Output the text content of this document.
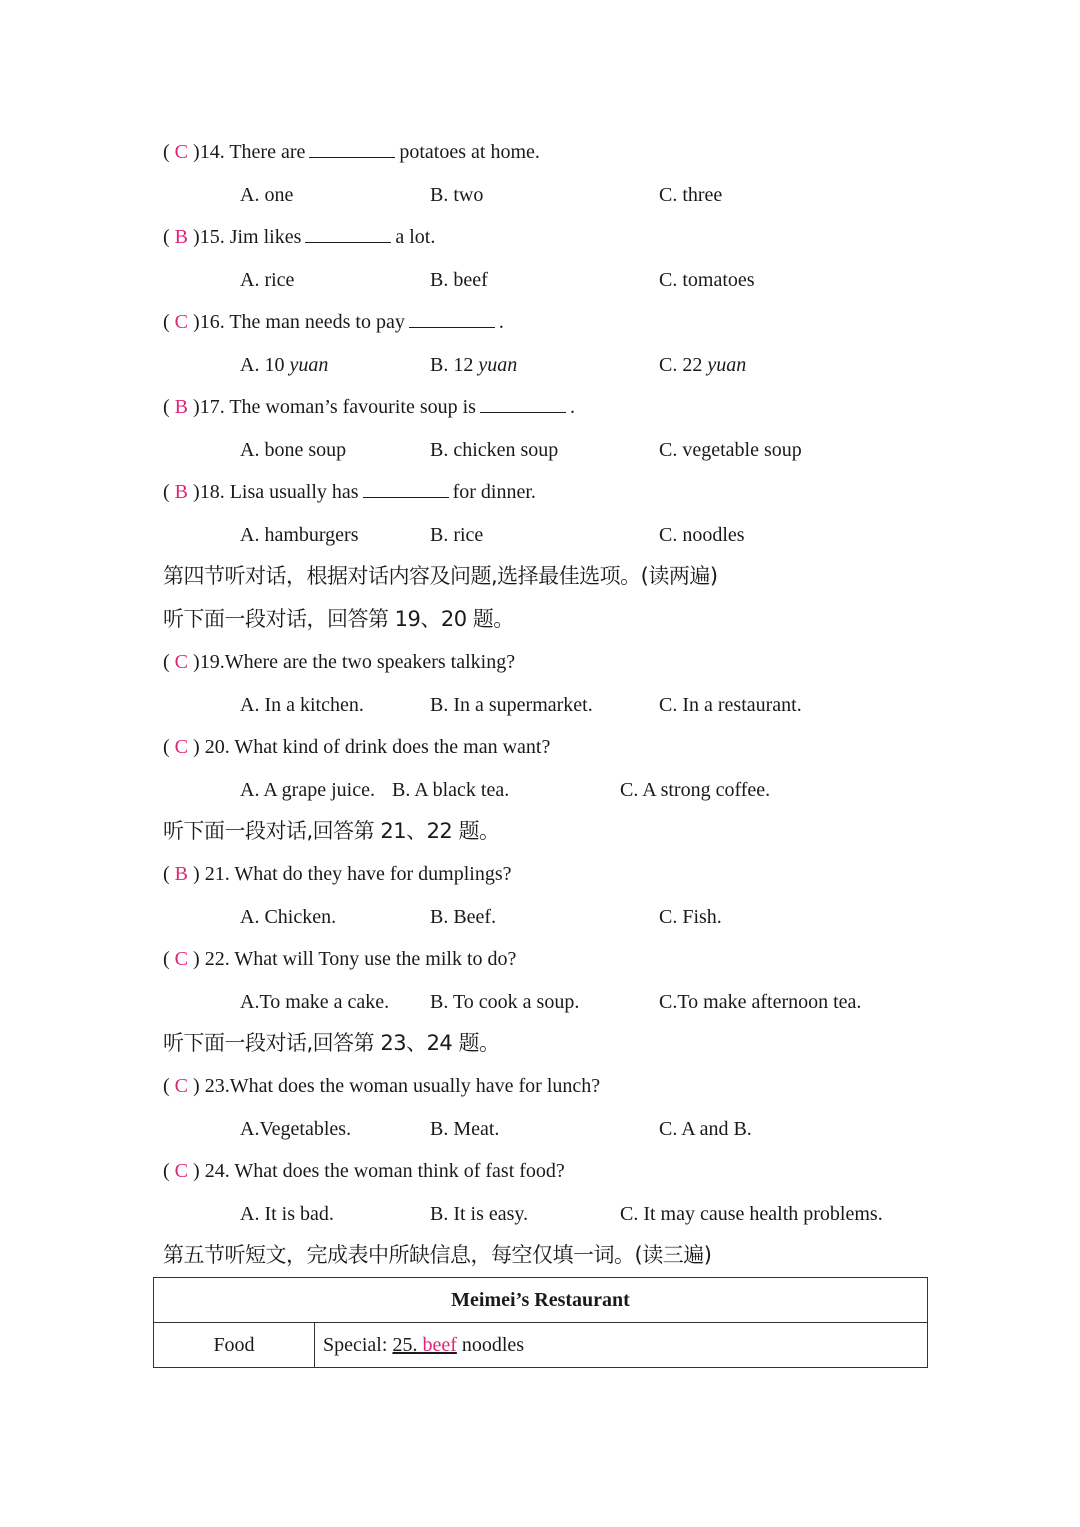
( C )14. There are	potatoes at home.
A. one	B. two	C. three
( B )15. Jim likes	a lot.
A. rice	B. beef	C. tomatoes
( C )16. The man needs to pay	.
A. 10 yuan	B. 12 yuan	C. 22 yuan
( B )17. The woman’s favourite soup is	.
A. bone soup	B. chicken soup	C. vegetable soup
( B )18. Lisa usually has	for dinner.
A. hamburgers	B. rice	C. noodles
第四节听对话，根据对话内容及问题,选择最佳选项。(读两遍)
听下面一段对话，回答第 19、20 题。
( C )19.Where are the two speakers talking?
A. In a kitchen.	B. In a supermarket.	C. In a restaurant.
( C ) 20. What kind of drink does the man want?
A. A grape juice. B. A black tea.	C. A strong coffee.
听下面一段对话,回答第 21、22 题。
( B ) 21. What do they have for dumplings?
A. Chicken.	B. Beef.	C. Fish.
( C ) 22. What will Tony use the milk to do?
A.To make a cake. B. To cook a soup.	C.To make afternoon tea.
听下面一段对话,回答第 23、24 题。
( C ) 23.What does the woman usually have for lunch?
A.Vegetables.	B. Meat.	C. A and B.
( C ) 24. What does the woman think of fast food?
A. It is bad.	B. It is easy.	C. It may cause health problems.
第五节听短文，完成表中所缺信息，每空仅填一词。(读三遍)
Meimei’s Restaurant
Food	Special: 25. beef noodles
